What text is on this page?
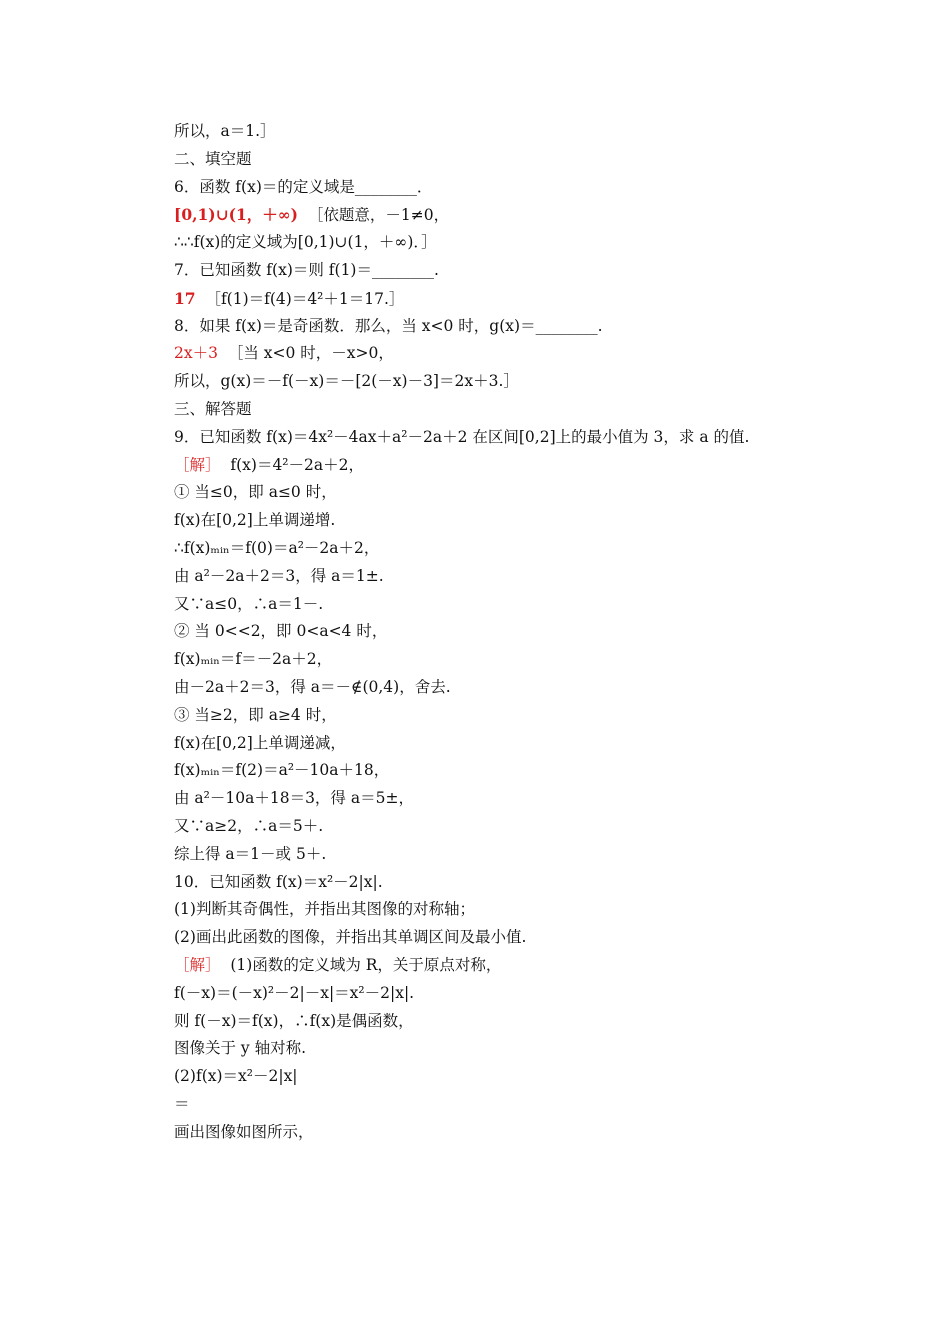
所以，a＝1.］
二、填空题
6．函数 f(x)＝的定义域是________．
[0,1)∪(1，＋∞) ［依题意，－1≠0，
∴∴f(x)的定义域为[0,1)∪(1，＋∞)．］
7．已知函数 f(x)＝则 f(1)＝________.
17 ［f(1)＝f(4)＝4²＋1＝17.］
8．如果 f(x)＝是奇函数．那么，当 x<0 时，g(x)＝________.
2x＋3 ［当 x<0 时，－x>0，
所以，g(x)＝－f(－x)＝－[2(－x)－3]＝2x＋3.］
三、解答题
9．已知函数 f(x)＝4x²－4ax＋a²－2a＋2 在区间[0,2]上的最小值为 3，求 a 的值.
［解］ f(x)＝4²－2a＋2，
① 当≤0，即 a≤0 时，
f(x)在[0,2]上单调递增.
∴f(x)ₘᵢₙ＝f(0)＝a²－2a＋2，
由 a²－2a＋2＝3，得 a＝1±.
又∵a≤0，∴a＝1－.
② 当 0<<2，即 0<a<4 时，
f(x)ₘᵢₙ＝f＝－2a＋2，
由－2a＋2＝3，得 a＝－∉(0,4)，舍去.
③ 当≥2，即 a≥4 时，
f(x)在[0,2]上单调递减，
f(x)ₘᵢₙ＝f(2)＝a²－10a＋18，
由 a²－10a＋18＝3，得 a＝5±，
又∵a≥2，∴a＝5＋.
综上得 a＝1－或 5＋.
10．已知函数 f(x)＝x²－2|x|.
(1)判断其奇偶性，并指出其图像的对称轴；
(2)画出此函数的图像，并指出其单调区间及最小值.
［解］ (1)函数的定义域为 R，关于原点对称，
f(－x)＝(－x)²－2|－x|＝x²－2|x|.
则 f(－x)＝f(x)，∴f(x)是偶函数，
图像关于 y 轴对称.
(2)f(x)＝x²－2|x|
＝
画出图像如图所示，
